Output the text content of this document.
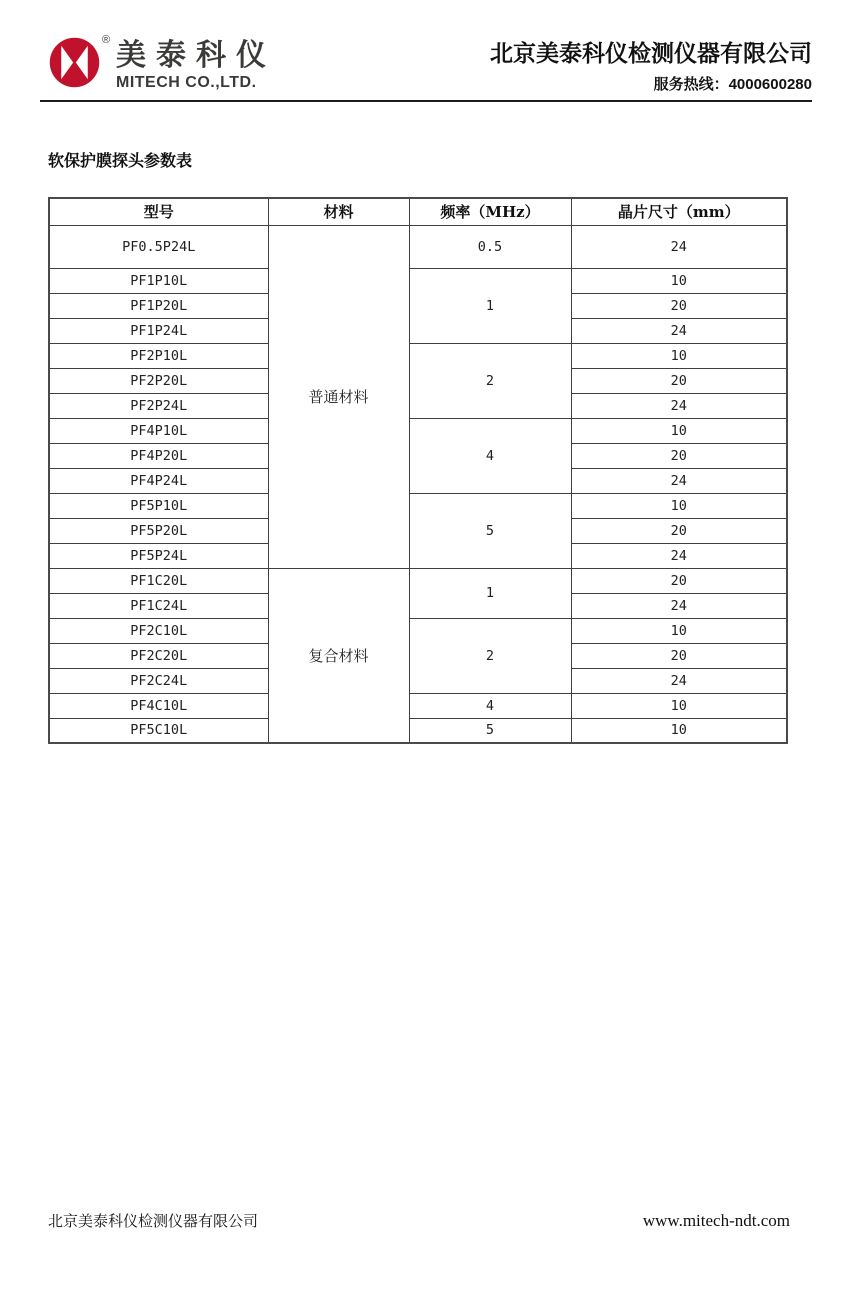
® 美泰科仪
MITECH CO.,LTD.
北京美泰科仪检测仪器有限公司
服务热线：4000600280
软保护膜探头参数表
型号	材料	频率（MHz）	晶片尺寸（mm）
PF0.5P24L	普通材料	0.5	24
PF1P10L		1	10
PF1P20L			20
PF1P24L			24
PF2P10L		2	10
PF2P20L			20
PF2P24L			24
PF4P10L		4	10
PF4P20L			20
PF4P24L			24
PF5P10L		5	10
PF5P20L			20
PF5P24L			24
PF1C20L	复合材料	1	20
PF1C24L			24
PF2C10L		2	10
PF2C20L			20
PF2C24L			24
PF4C10L		4	10
PF5C10L		5	10
北京美泰科仪检测仪器有限公司	www.mitech-ndt.com
